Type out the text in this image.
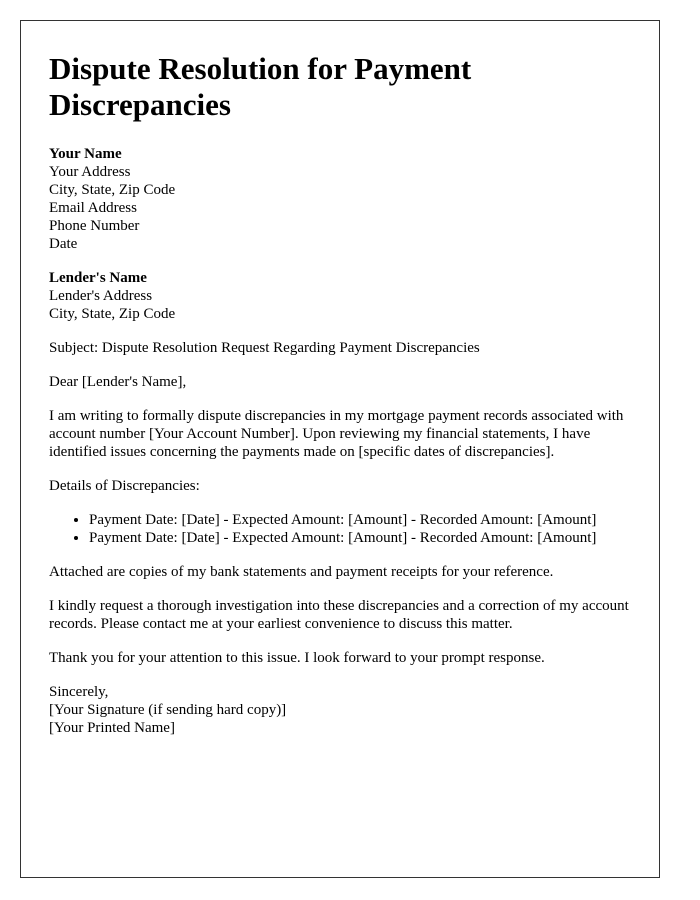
Dispute Resolution for Payment Discrepancies
Your Name
Your Address
City, State, Zip Code
Email Address
Phone Number
Date
Lender's Name
Lender's Address
City, State, Zip Code

Subject: Dispute Resolution Request Regarding Payment Discrepancies

Dear [Lender's Name],

I am writing to formally dispute discrepancies in my mortgage payment records associated with account number [Your Account Number]. Upon reviewing my financial statements, I have identified issues concerning the payments made on [specific dates of discrepancies].

Details of Discrepancies:

• Payment Date: [Date] - Expected Amount: [Amount] - Recorded Amount: [Amount]
• Payment Date: [Date] - Expected Amount: [Amount] - Recorded Amount: [Amount]

Attached are copies of my bank statements and payment receipts for your reference.

I kindly request a thorough investigation into these discrepancies and a correction of my account records. Please contact me at your earliest convenience to discuss this matter.

Thank you for your attention to this issue. I look forward to your prompt response.

Sincerely,
[Your Signature (if sending hard copy)]
[Your Printed Name]
